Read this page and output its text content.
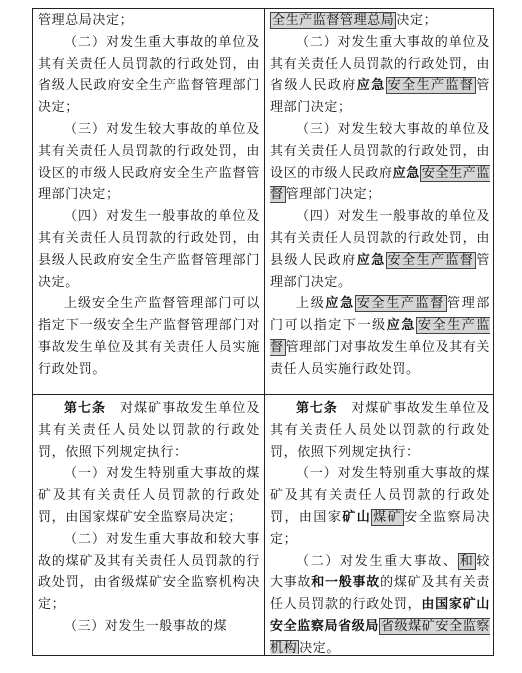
管理总局决定；

（二）对发生重大事故的单位及其有关责任人员罚款的行政处罚，由省级人民政府安全生产监督管理部门决定；

（三）对发生较大事故的单位及其有关责任人员罚款的行政处罚，由设区的市级人民政府安全生产监督管理部门决定；

（四）对发生一般事故的单位及其有关责任人员罚款的行政处罚，由县级人民政府安全生产监督管理部门决定。

上级安全生产监督管理部门可以指定下一级安全生产监督管理部门对事故发生单位及其有关责任人员实施行政处罚。

全生产监督管理总局 决定；

（二）对发生重大事故的单位及其有关责任人员罚款的行政处罚，由省级人民政府应急 安全生产监督 管理部门决定；

（三）对发生较大事故的单位及其有关责任人员罚款的行政处罚，由设区的市级人民政府应急 安全生产监督 管理部门决定；

（四）对发生一般事故的单位及其有关责任人员罚款的行政处罚，由县级人民政府应急 安全生产监督 管理部门决定。

上级应急 安全生产监督 管理部门可以指定下一级应急 安全生产监督 管理部门对事故发生单位及其有关责任人员实施行政处罚。

第七条  对煤矿事故发生单位及其有关责任人员处以罚款的行政处罚，依照下列规定执行：

（一）对发生特别重大事故的煤矿及其有关责任人员罚款的行政处罚，由国家煤矿安全监察局决定；

（二）对发生重大事故和较大事故的煤矿及其有关责任人员罚款的行政处罚，由省级煤矿安全监察机构决定；

（三）对发生一般事故的煤

第七条  对煤矿事故发生单位及其有关责任人员处以罚款的行政处罚，依照下列规定执行：

（一）对发生特别重大事故的煤矿及其有关责任人员罚款的行政处罚，由国家矿山 煤矿 安全监察局决定；

（二）对发生重大事故、 和 较大事故和一般事故的煤矿及其有关责任人员罚款的行政处罚，由国家矿山安全监察局省级局 省级煤矿安全监察机构 决定。
